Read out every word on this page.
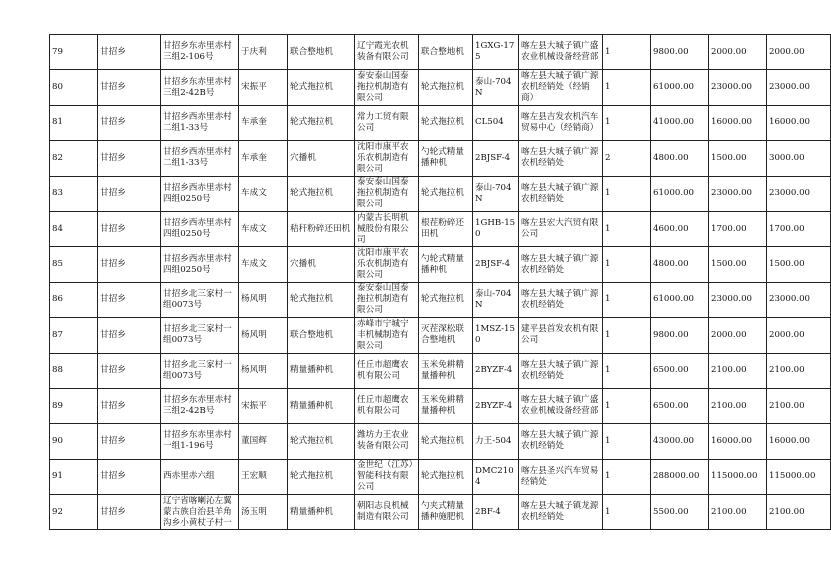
79	甘招乡	甘招乡东赤里赤村三组2-106号	于庆利	联合整地机	辽宁霞光农机装备有限公司	联合整地机	1GXG-175	喀左县大城子镇广盛农业机械设备经营部	1	9800.00	2000.00	2000.00
80	甘招乡	甘招乡东赤里赤村三组2-42B号	宋振平	轮式拖拉机	泰安泰山国泰拖拉机制造有限公司	轮式拖拉机	泰山-704N	喀左县大城子镇广源农机经销处（经销商）	1	61000.00	23000.00	23000.00
81	甘招乡	甘招乡西赤里赤村二组1-33号	车承奎	轮式拖拉机	常力工贸有限公司	轮式拖拉机	CL504	喀左县吉发农机汽车贸易中心（经销商）	1	41000.00	16000.00	16000.00
82	甘招乡	甘招乡西赤里赤村二组1-33号	车承奎	穴播机	沈阳市康平农乐农机制造有限公司	勺轮式精量播种机	2BJSF-4	喀左县大城子镇广源农机经销处	2	4800.00	1500.00	3000.00
83	甘招乡	甘招乡西赤里赤村四组0250号	车成文	轮式拖拉机	泰安泰山国泰拖拉机制造有限公司	轮式拖拉机	泰山-704N	喀左县大城子镇广源农机经销处	1	61000.00	23000.00	23000.00
84	甘招乡	甘招乡西赤里赤村四组0250号	车成文	秸秆粉碎还田机	内蒙古长明机械股份有限公司	根茬粉碎还田机	1GHB-150	喀左县宏大汽贸有限公司	1	4600.00	1700.00	1700.00
85	甘招乡	甘招乡西赤里赤村四组0250号	车成文	穴播机	沈阳市康平农乐农机制造有限公司	勺轮式精量播种机	2BJSF-4	喀左县大城子镇广源农机经销处	1	4800.00	1500.00	1500.00
86	甘招乡	甘招乡北三家村一组0073号	杨风明	轮式拖拉机	泰安泰山国泰拖拉机制造有限公司	轮式拖拉机	泰山-704N	喀左县大城子镇广源农机经销处	1	61000.00	23000.00	23000.00
87	甘招乡	甘招乡北三家村一组0073号	杨风明	联合整地机	赤峰市宁城宁丰机械制造有限公司	灭茬深松联合整地机	1MSZ-150	建平县首发农机有限公司	1	9800.00	2000.00	2000.00
88	甘招乡	甘招乡北三家村一组0073号	杨风明	精量播种机	任丘市超鹰农机有限公司	玉米免耕精量播种机	2BYZF-4	喀左县大城子镇广源农机经销处	1	6500.00	2100.00	2100.00
89	甘招乡	甘招乡东赤里赤村三组2-42B号	宋振平	精量播种机	任丘市超鹰农机有限公司	玉米免耕精量播种机	2BYZF-4	喀左县大城子镇广盛农业机械设备经营部	1	6500.00	2100.00	2100.00
90	甘招乡	甘招乡东赤里赤村一组1-196号	董国辉	轮式拖拉机	潍坊力王农业装备有限公司	轮式拖拉机	力王-504	喀左县大城子镇广源农机经销处	1	43000.00	16000.00	16000.00
91	甘招乡	西赤里赤六组	王宏顺	轮式拖拉机	金世纪（江苏）智能科技有限公司	轮式拖拉机	DMC2104	喀左县圣兴汽车贸易经销处	1	288000.00	115000.00	115000.00
92	甘招乡	辽宁省喀喇沁左翼蒙古族自治县羊角沟乡小黄杖子村一	汤玉明	精量播种机	朝阳志良机械制造有限公司	勺夹式精量播种施肥机	2BF-4	喀左县大城子镇龙源农机经销处	1	5500.00	2100.00	2100.00
